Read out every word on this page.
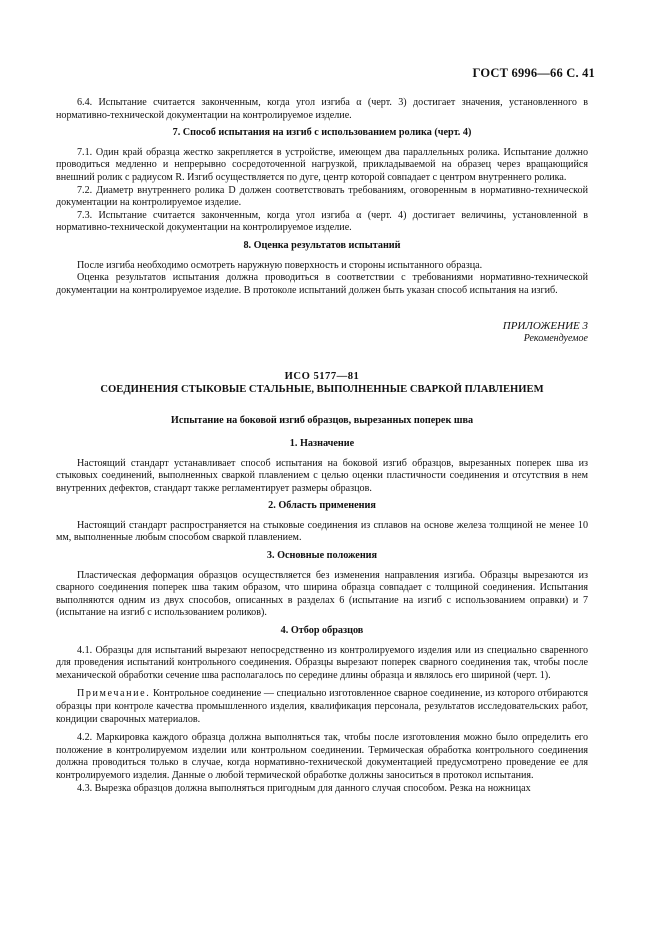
ГОСТ 6996—66 С. 41

6.4. Испытание считается законченным, когда угол изгиба α (черт. 3) достигает значения, установленного в нормативно-технической документации на контролируемое изделие.

7. Способ испытания на изгиб с использованием ролика (черт. 4)

7.1. Один край образца жестко закрепляется в устройстве, имеющем два параллельных ролика. Испытание должно проводиться медленно и непрерывно сосредоточенной нагрузкой, прикладываемой на образец через вращающийся внешний ролик с радиусом R. Изгиб осуществляется по дуге, центр которой совпадает с центром внутреннего ролика.

7.2. Диаметр внутреннего ролика D должен соответствовать требованиям, оговоренным в нормативно-технической документации на контролируемое изделие.

7.3. Испытание считается законченным, когда угол изгиба α (черт. 4) достигает величины, установленной в нормативно-технической документации на контролируемое изделие.

8. Оценка результатов испытаний

После изгиба необходимо осмотреть наружную поверхность и стороны испытанного образца.

Оценка результатов испытания должна проводиться в соответствии с требованиями нормативно-технической документации на контролируемое изделие. В протоколе испытаний должен быть указан способ испытания на изгиб.

ПРИЛОЖЕНИЕ 3
Рекомендуемое
ИСО 5177—81
СОЕДИНЕНИЯ СТЫКОВЫЕ СТАЛЬНЫЕ, ВЫПОЛНЕННЫЕ СВАРКОЙ ПЛАВЛЕНИЕМ
Испытание на боковой изгиб образцов, вырезанных поперек шва
1. Назначение

Настоящий стандарт устанавливает способ испытания на боковой изгиб образцов, вырезанных поперек шва из стыковых соединений, выполненных сваркой плавлением с целью оценки пластичности соединения и отсутствия в нем внутренних дефектов, стандарт также регламентирует размеры образцов.

2. Область применения

Настоящий стандарт распространяется на стыковые соединения из сплавов на основе железа толщиной не менее 10 мм, выполненные любым способом сваркой плавлением.

3. Основные положения

Пластическая деформация образцов осуществляется без изменения направления изгиба. Образцы вырезаются из сварного соединения поперек шва таким образом, что ширина образца совпадает с толщиной соединения. Испытания выполняются одним из двух способов, описанных в разделах 6 (испытание на изгиб с использованием оправки) и 7 (испытание на изгиб с использованием роликов).

4. Отбор образцов

4.1. Образцы для испытаний вырезают непосредственно из контролируемого изделия или из специально сваренного для проведения испытаний контрольного соединения. Образцы вырезают поперек сварного соединения так, чтобы после механической обработки сечение шва располагалось по середине длины образца и являлось его шириной (черт. 1).

Примечание. Контрольное соединение — специально изготовленное сварное соединение, из которого отбираются образцы при контроле качества промышленного изделия, квалификация персонала, результатов исследовательских работ, кондиции сварочных материалов.

4.2. Маркировка каждого образца должна выполняться так, чтобы после изготовления можно было определить его положение в контролируемом изделии или контрольном соединении. Термическая обработка контрольного соединения должна проводиться только в случае, когда нормативно-технической документацией предусмотрено проведение ее для контролируемого изделия. Данные о любой термической обработке должны заноситься в протокол испытания.

4.3. Вырезка образцов должна выполняться пригодным для данного случая способом. Резка на ножницах
